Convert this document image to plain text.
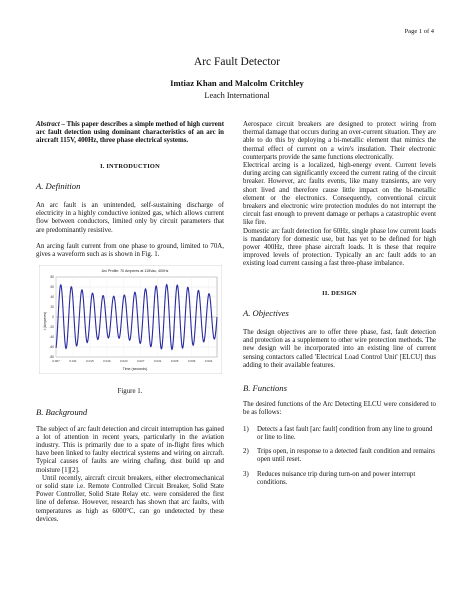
Page 1 of 4
Arc Fault Detector
Imtiaz Khan and Malcolm Critchley
Leach International

Abstract – This paper describes a simple method of high current arc fault detection using dominant characteristics of an arc in aircraft 115V, 400Hz, three phase electrical systems.

I. INTRODUCTION
A. Definition

An arc fault is an unintended, self-sustaining discharge of electricity in a highly conductive ionized gas, which allows current flow between conductors, limited only by circuit parameters that are predominantly resistive.

An arcing fault current from one phase to ground, limited to 70A, gives a waveform such as is shown in Fig. 1.

Arc Profile: 70 Amperes at 115Vac, 400Hz
I (Amperes)
Time (seconds)
80
60
40
20
0
-20
-40
-60
-80
0.007	0.011	0.015	0.019	0.023	0.027	0.031	0.035	0.039	0.043
Figure 1.
B. Background

The subject of arc fault detection and circuit interruption has gained a lot of attention in recent years, particularly in the aviation industry. This is primarily due to a spate of in-flight fires which have been linked to faulty electrical systems and wiring on aircraft. Typical causes of faults are wiring chafing, dust build up and moisture [1][2].

Until recently, aircraft circuit breakers, either electromechanical or solid state i.e. Remote Controlled Circuit Breaker, Solid State Power Controller, Solid State Relay etc. were considered the first line of defense. However, research has shown that arc faults, with temperatures as high as 6000°C, can go undetected by these devices.

Aerospace circuit breakers are designed to protect wiring from thermal damage that occurs during an over-current situation. They are able to do this by deploying a bi-metallic element that mimics the thermal effect of current on a wire's insulation. Their electronic counterparts provide the same functions electronically.

Electrical arcing is a localized, high-energy event. Current levels during arcing can significantly exceed the current rating of the circuit breaker. However, arc faults events, like many transients, are very short lived and therefore cause little impact on the bi-metallic element or the electronics. Consequently, conventional circuit breakers and electronic wire protection modules do not interrupt the circuit fast enough to prevent damage or perhaps a catastrophic event like fire.

Domestic arc fault detection for 60Hz, single phase low current loads is mandatory for domestic use, but has yet to be defined for high power 400Hz, three phase aircraft loads. It is these that require improved levels of protection. Typically an arc fault adds to an existing load current causing a fast three-phase imbalance.

II. DESIGN
A. Objectives

The design objectives are to offer three phase, fast, fault detection and protection as a supplement to other wire protection methods. The new design will be incorporated into an existing line of current sensing contactors called 'Electrical Load Control Unit' [ELCU] thus adding to their available features.

B. Functions

The desired functions of the Arc Detecting ELCU were considered to be as follows:

1) Detects a fast fault [arc fault] condition from any line to ground or line to line.
2) Trips open, in response to a detected fault condition and remains open until reset.
3) Reduces nuisance trip during turn-on and power interrupt conditions.
